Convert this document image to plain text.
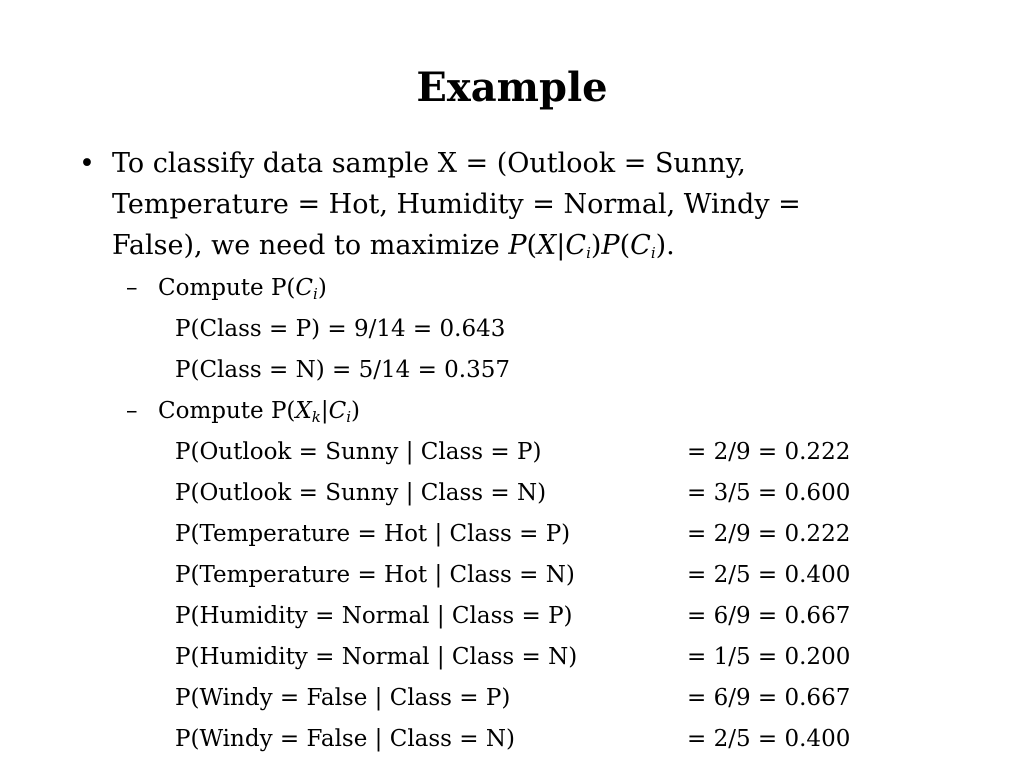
Example
• To classify data sample X = (Outlook = Sunny,
Temperature = Hot, Humidity = Normal, Windy =
False), we need to maximize $P(X|C_i)P(C_i)$.
– Compute $P(C_i)$
P(Class = P) = 9/14 = 0.643
P(Class = N) = 5/14 = 0.357
– Compute $P(X_k|C_i)$
P(Outlook = Sunny | Class = P)	= 2/9 = 0.222
P(Outlook = Sunny | Class = N)	= 3/5 = 0.600
P(Temperature = Hot | Class = P)	= 2/9 = 0.222
P(Temperature = Hot | Class = N)	= 2/5 = 0.400
P(Humidity = Normal | Class = P)	= 6/9 = 0.667
P(Humidity = Normal | Class = N)	= 1/5 = 0.200
P(Windy = False | Class = P)	= 6/9 = 0.667
P(Windy = False | Class = N)	= 2/5 = 0.400
